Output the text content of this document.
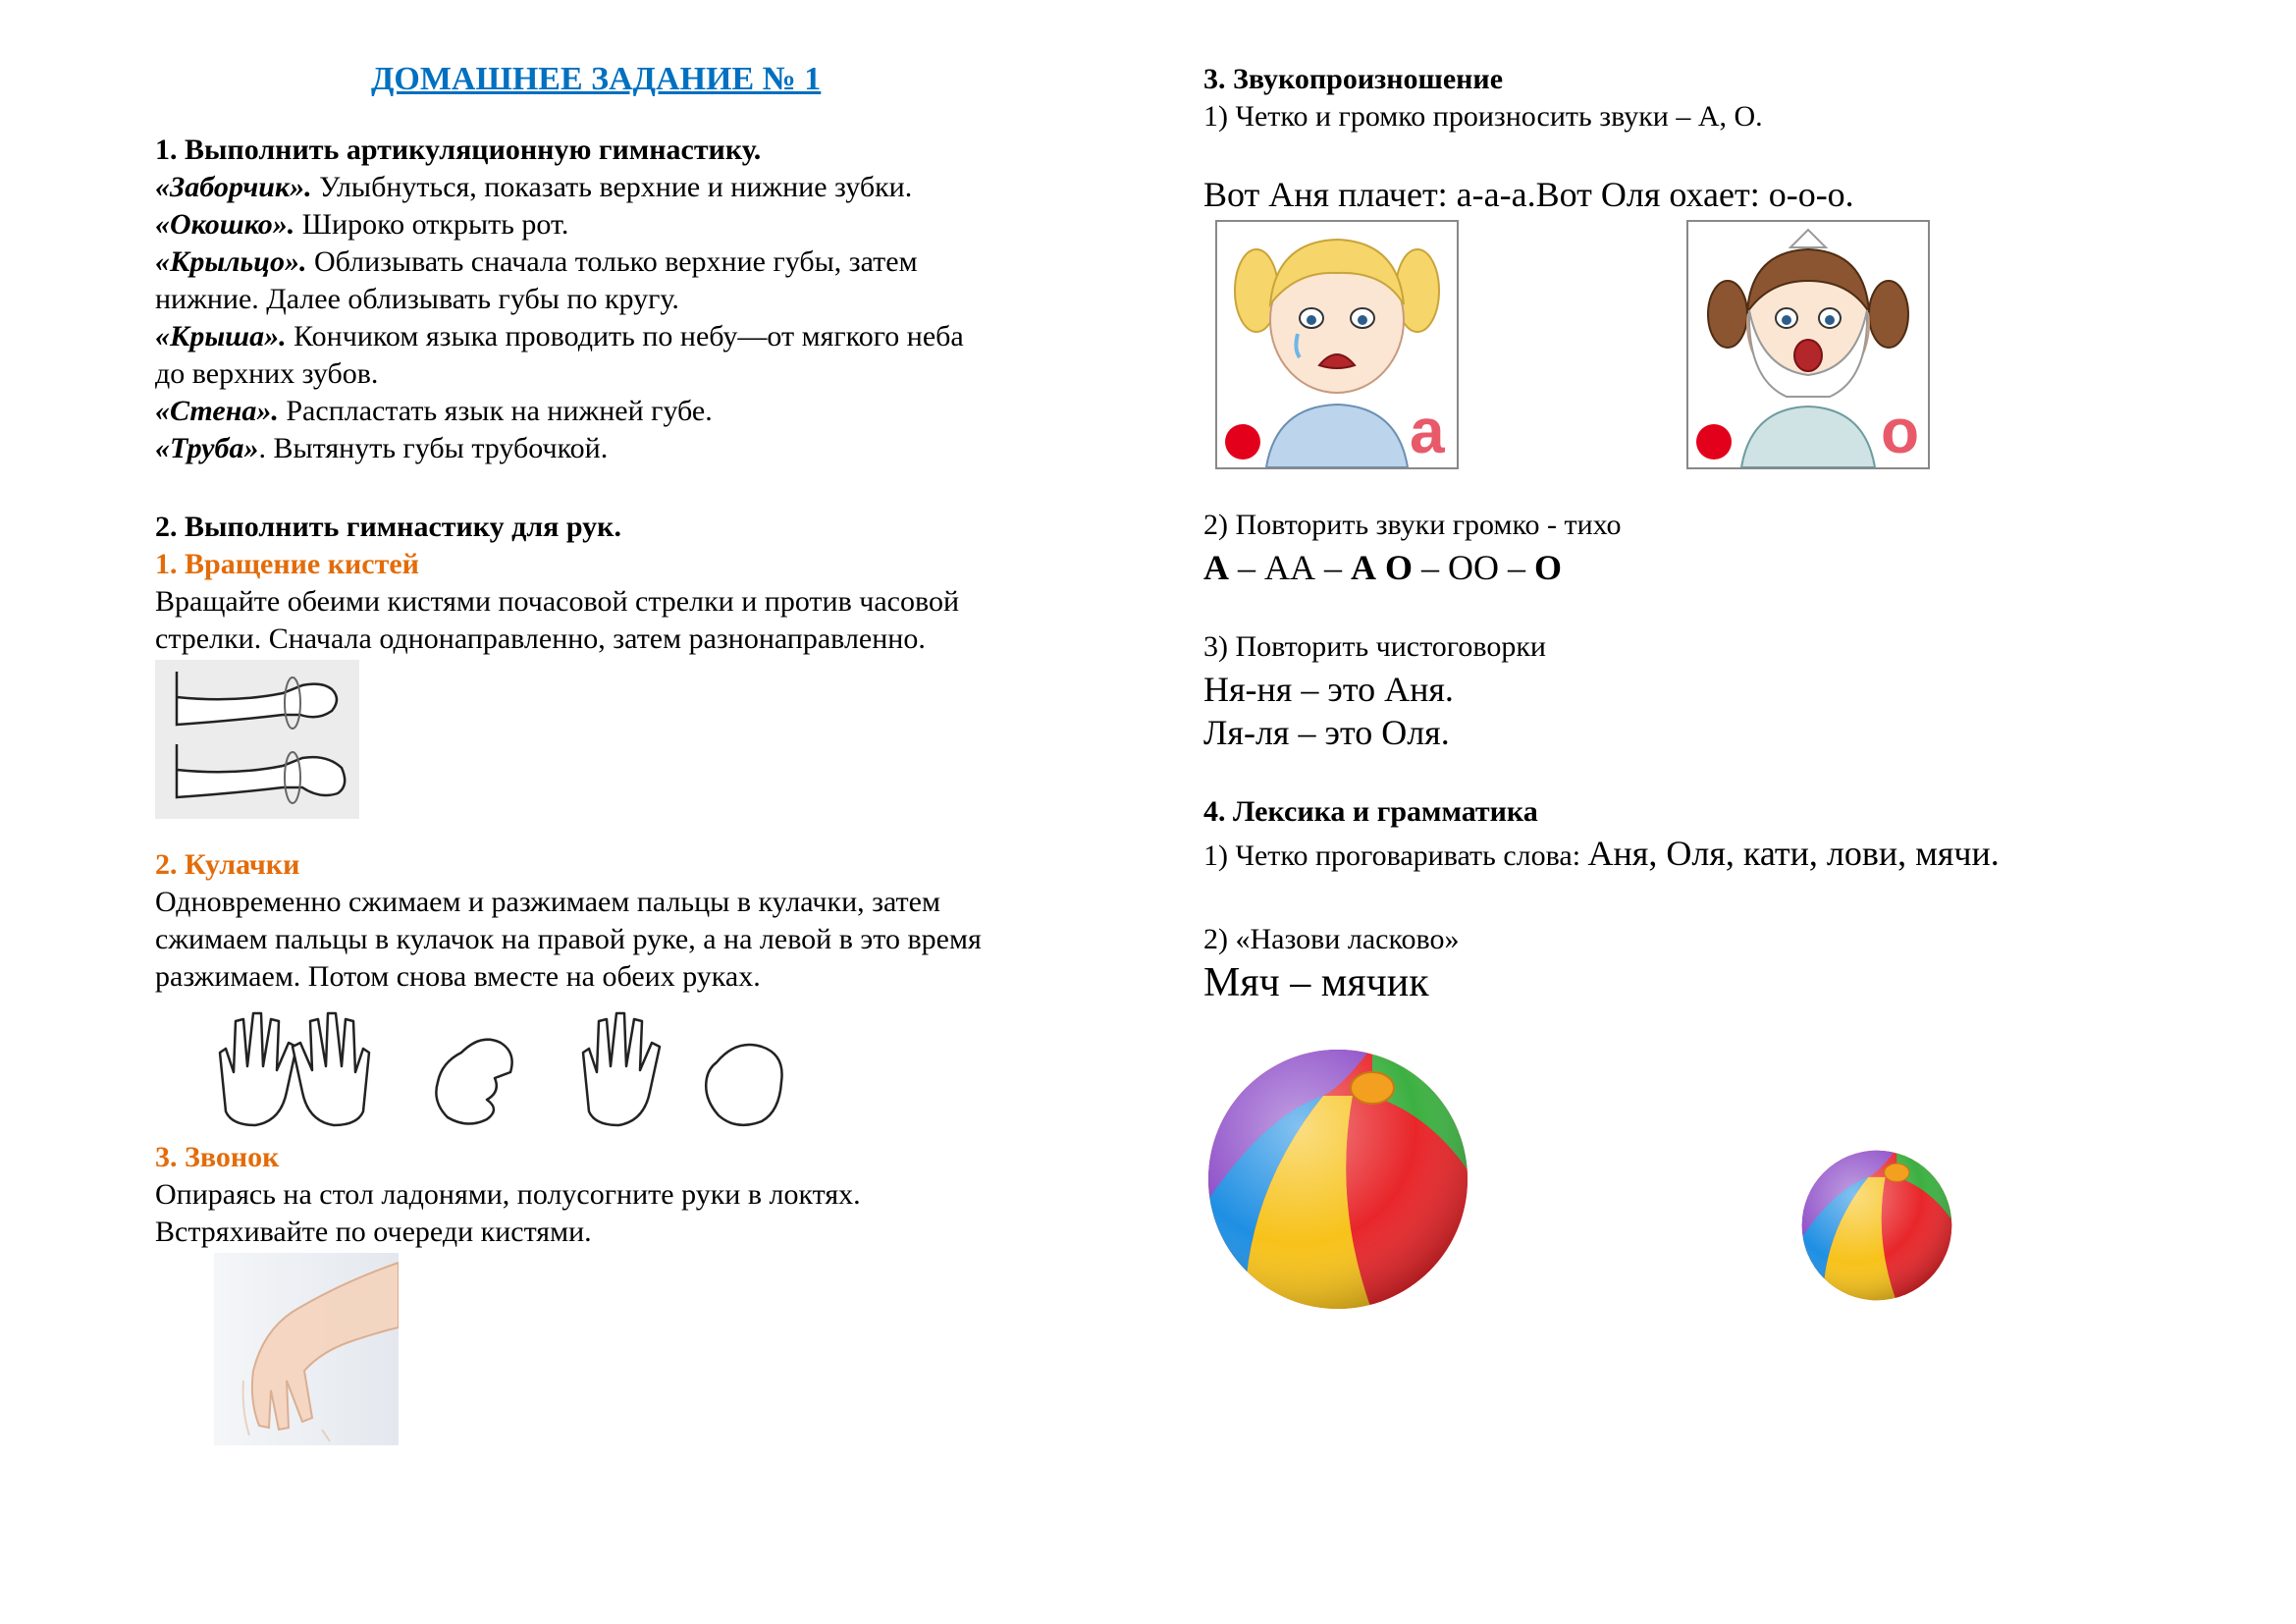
ДОМАШНЕЕ ЗАДАНИЕ № 1
1. Выполнить артикуляционную гимнастику.
«Заборчик». Улыбнуться, показать верхние и нижние зубки.
«Окошко». Широко открыть рот.
«Крыльцо». Облизывать сначала только верхние губы, затем
нижние. Далее облизывать губы по кругу.
«Крыша». Кончиком языка проводить по небу—от мягкого неба
до верхних зубов.
«Стена». Распластать язык на нижней губе.
«Труба». Вытянуть губы трубочкой.
2. Выполнить гимнастику для рук.
1. Вращение кистей
Вращайте обеими кистями почасовой стрелки и против часовой
стрелки. Сначала однонаправленно, затем разнонаправленно.
2. Кулачки
Одновременно сжимаем и разжимаем пальцы в кулачки, затем
сжимаем пальцы в кулачок на правой руке, а на левой в это время
разжимаем. Потом снова вместе на обеих руках.
3. Звонок
Опираясь на стол ладонями, полусогните руки в локтях.
Встряхивайте по очереди кистями.
3. Звукопроизношение
1) Четко и громко произносить звуки – А, О.
Вот Аня плачет: а-а-а.Вот Оля охает: о-о-о.
а	о
2) Повторить звуки громко - тихо
А – АА – А О – ОО – О
3) Повторить чистоговорки
Ня-ня – это Аня.
Ля-ля – это Оля.
4. Лексика и грамматика
1) Четко проговаривать слова: Аня, Оля, кати, лови, мячи.
2) «Назови ласково»
Мяч – мячик
